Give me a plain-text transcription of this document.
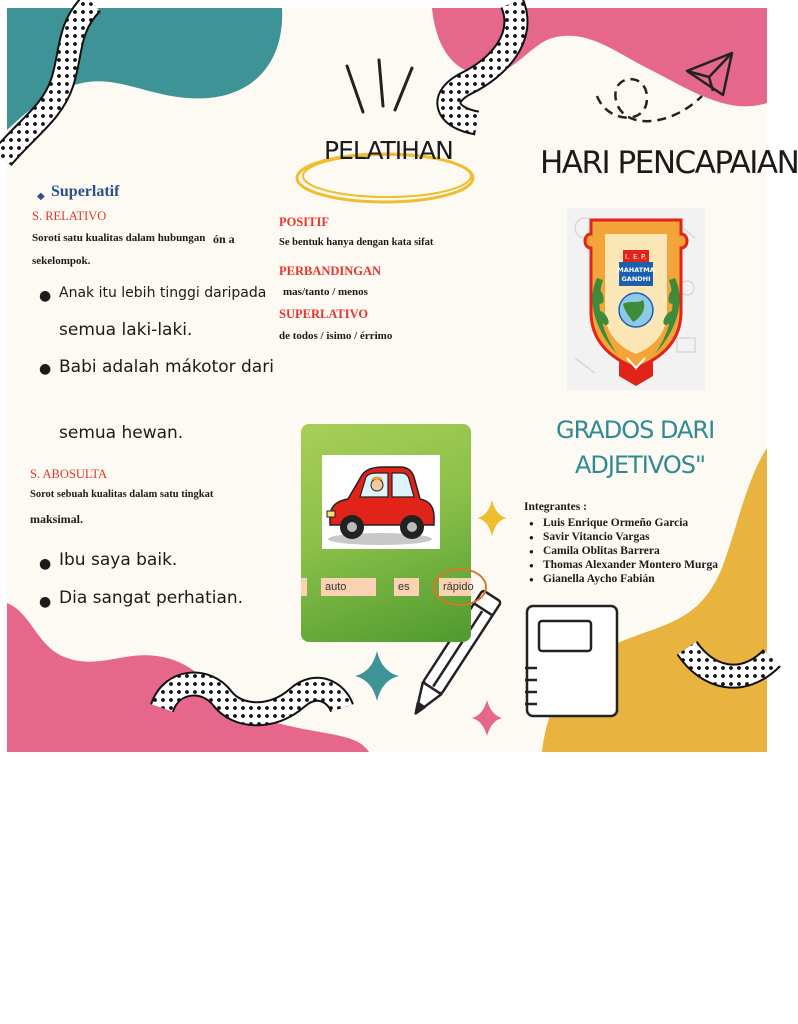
◆ Superlatif
S. RELATIVO
Soroti satu kualitas dalam hubungan ón a
sekelompok.
● Anak itu lebih tinggi daripada
semua laki-laki.
● Babi adalah mákotor dari
semua hewan.
S. ABOSULTA
Sorot sebuah kualitas dalam satu tingkat
maksimal.
● Ibu saya baik.
● Dia sangat perhatian.
PELATIHAN
POSITIF
Se bentuk hanya dengan kata sifat
PERBANDINGAN
mas/tanto / menos
SUPERLATIVO
de todos / isimo / érrimo
auto	es	rápido
HARI PENCAPAIAN
I. E. P.
MAHATMA
GANDHI
GRADOS DARI
ADJETIVOS"
Integrantes :
● Luis Enrique Ormeño Garcia
● Savir Vitancio Vargas
● Camila Oblitas Barrera
● Thomas Alexander Montero Murga
● Gianella Aycho Fabián
